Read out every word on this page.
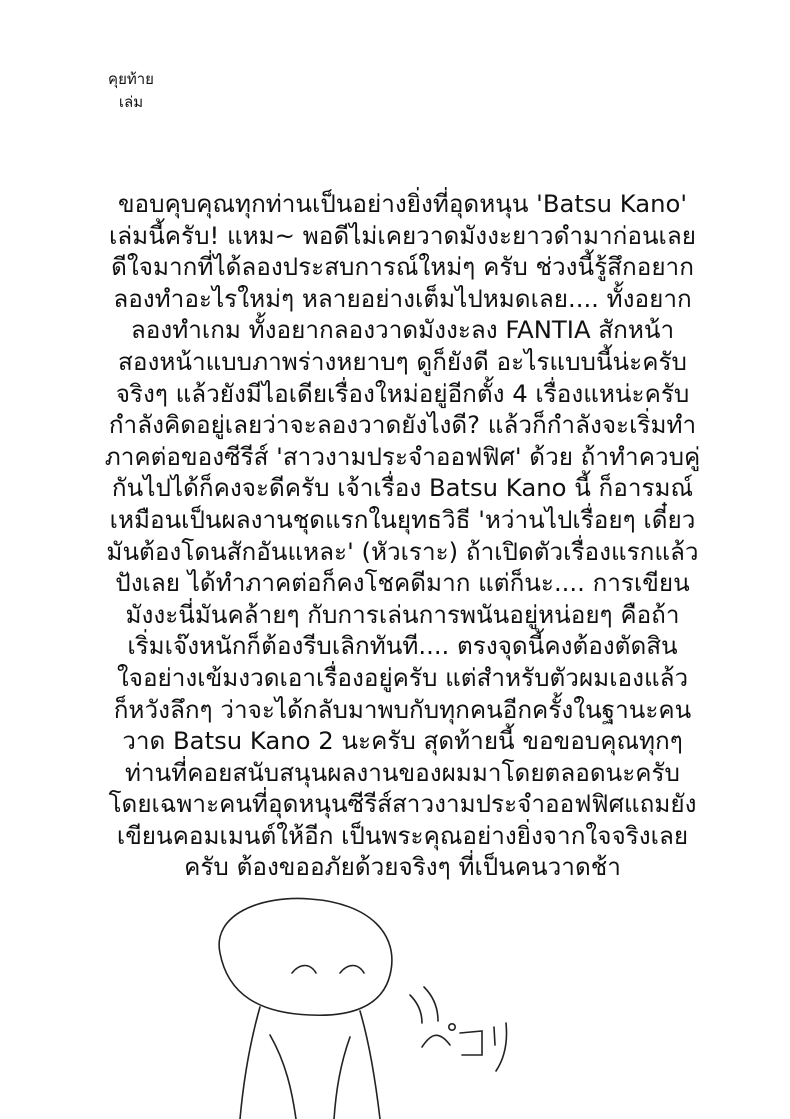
คุยท้าย
เล่ม
ขอบคุบคุณทุกท่านเป็นอย่างยิ่งที่อุดหนุน 'Batsu Kano'
เล่มนี้ครับ! แหม~ พอดีไม่เคยวาดมังงะยาวดำมาก่อนเลย
ดีใจมากที่ได้ลองประสบการณ์ใหม่ๆ ครับ ช่วงนี้รู้สึกอยาก
ลองทำอะไรใหม่ๆ หลายอย่างเต็มไปหมดเลย.... ทั้งอยาก
ลองทำเกม ทั้งอยากลองวาดมังงะลง FANTIA สักหน้า
สองหน้าแบบภาพร่างหยาบๆ ดูก็ยังดี อะไรแบบนี้น่ะครับ
จริงๆ แล้วยังมีไอเดียเรื่องใหม่อยู่อีกตั้ง 4 เรื่องแหน่ะครับ
กำลังคิดอยู่เลยว่าจะลองวาดยังไงดี? แล้วก็กำลังจะเริ่มทำ
ภาคต่อของซีรีส์ 'สาวงามประจำออฟฟิศ' ด้วย ถ้าทำควบคู่
กันไปได้ก็คงจะดีครับ เจ้าเรื่อง Batsu Kano นี้ ก็อารมณ์
เหมือนเป็นผลงานชุดแรกในยุทธวิธี 'หว่านไปเรื่อยๆ เดี๋ยว
มันต้องโดนสักอันแหละ' (หัวเราะ) ถ้าเปิดตัวเรื่องแรกแล้ว
ปังเลย ได้ทำภาคต่อก็คงโชคดีมาก แต่ก็นะ.... การเขียน
มังงะนี่มันคล้ายๆ กับการเล่นการพนันอยู่หน่อยๆ คือถ้า
เริ่มเจ๊งหนักก็ต้องรีบเลิกทันที.... ตรงจุดนี้คงต้องตัดสิน
ใจอย่างเข้มงวดเอาเรื่องอยู่ครับ แต่สำหรับตัวผมเองแล้ว
ก็หวังลึกๆ ว่าจะได้กลับมาพบกับทุกคนอีกครั้งในฐานะคน
วาด Batsu Kano 2 นะครับ สุดท้ายนี้ ขอขอบคุณทุกๆ
ท่านที่คอยสนับสนุนผลงานของผมมาโดยตลอดนะครับ
โดยเฉพาะคนที่อุดหนุนซีรีส์สาวงามประจำออฟฟิศแถมยัง
เขียนคอมเมนต์ให้อีก เป็นพระคุณอย่างยิ่งจากใจจริงเลย
ครับ ต้องขออภัยด้วยจริงๆ ที่เป็นคนวาดช้า
